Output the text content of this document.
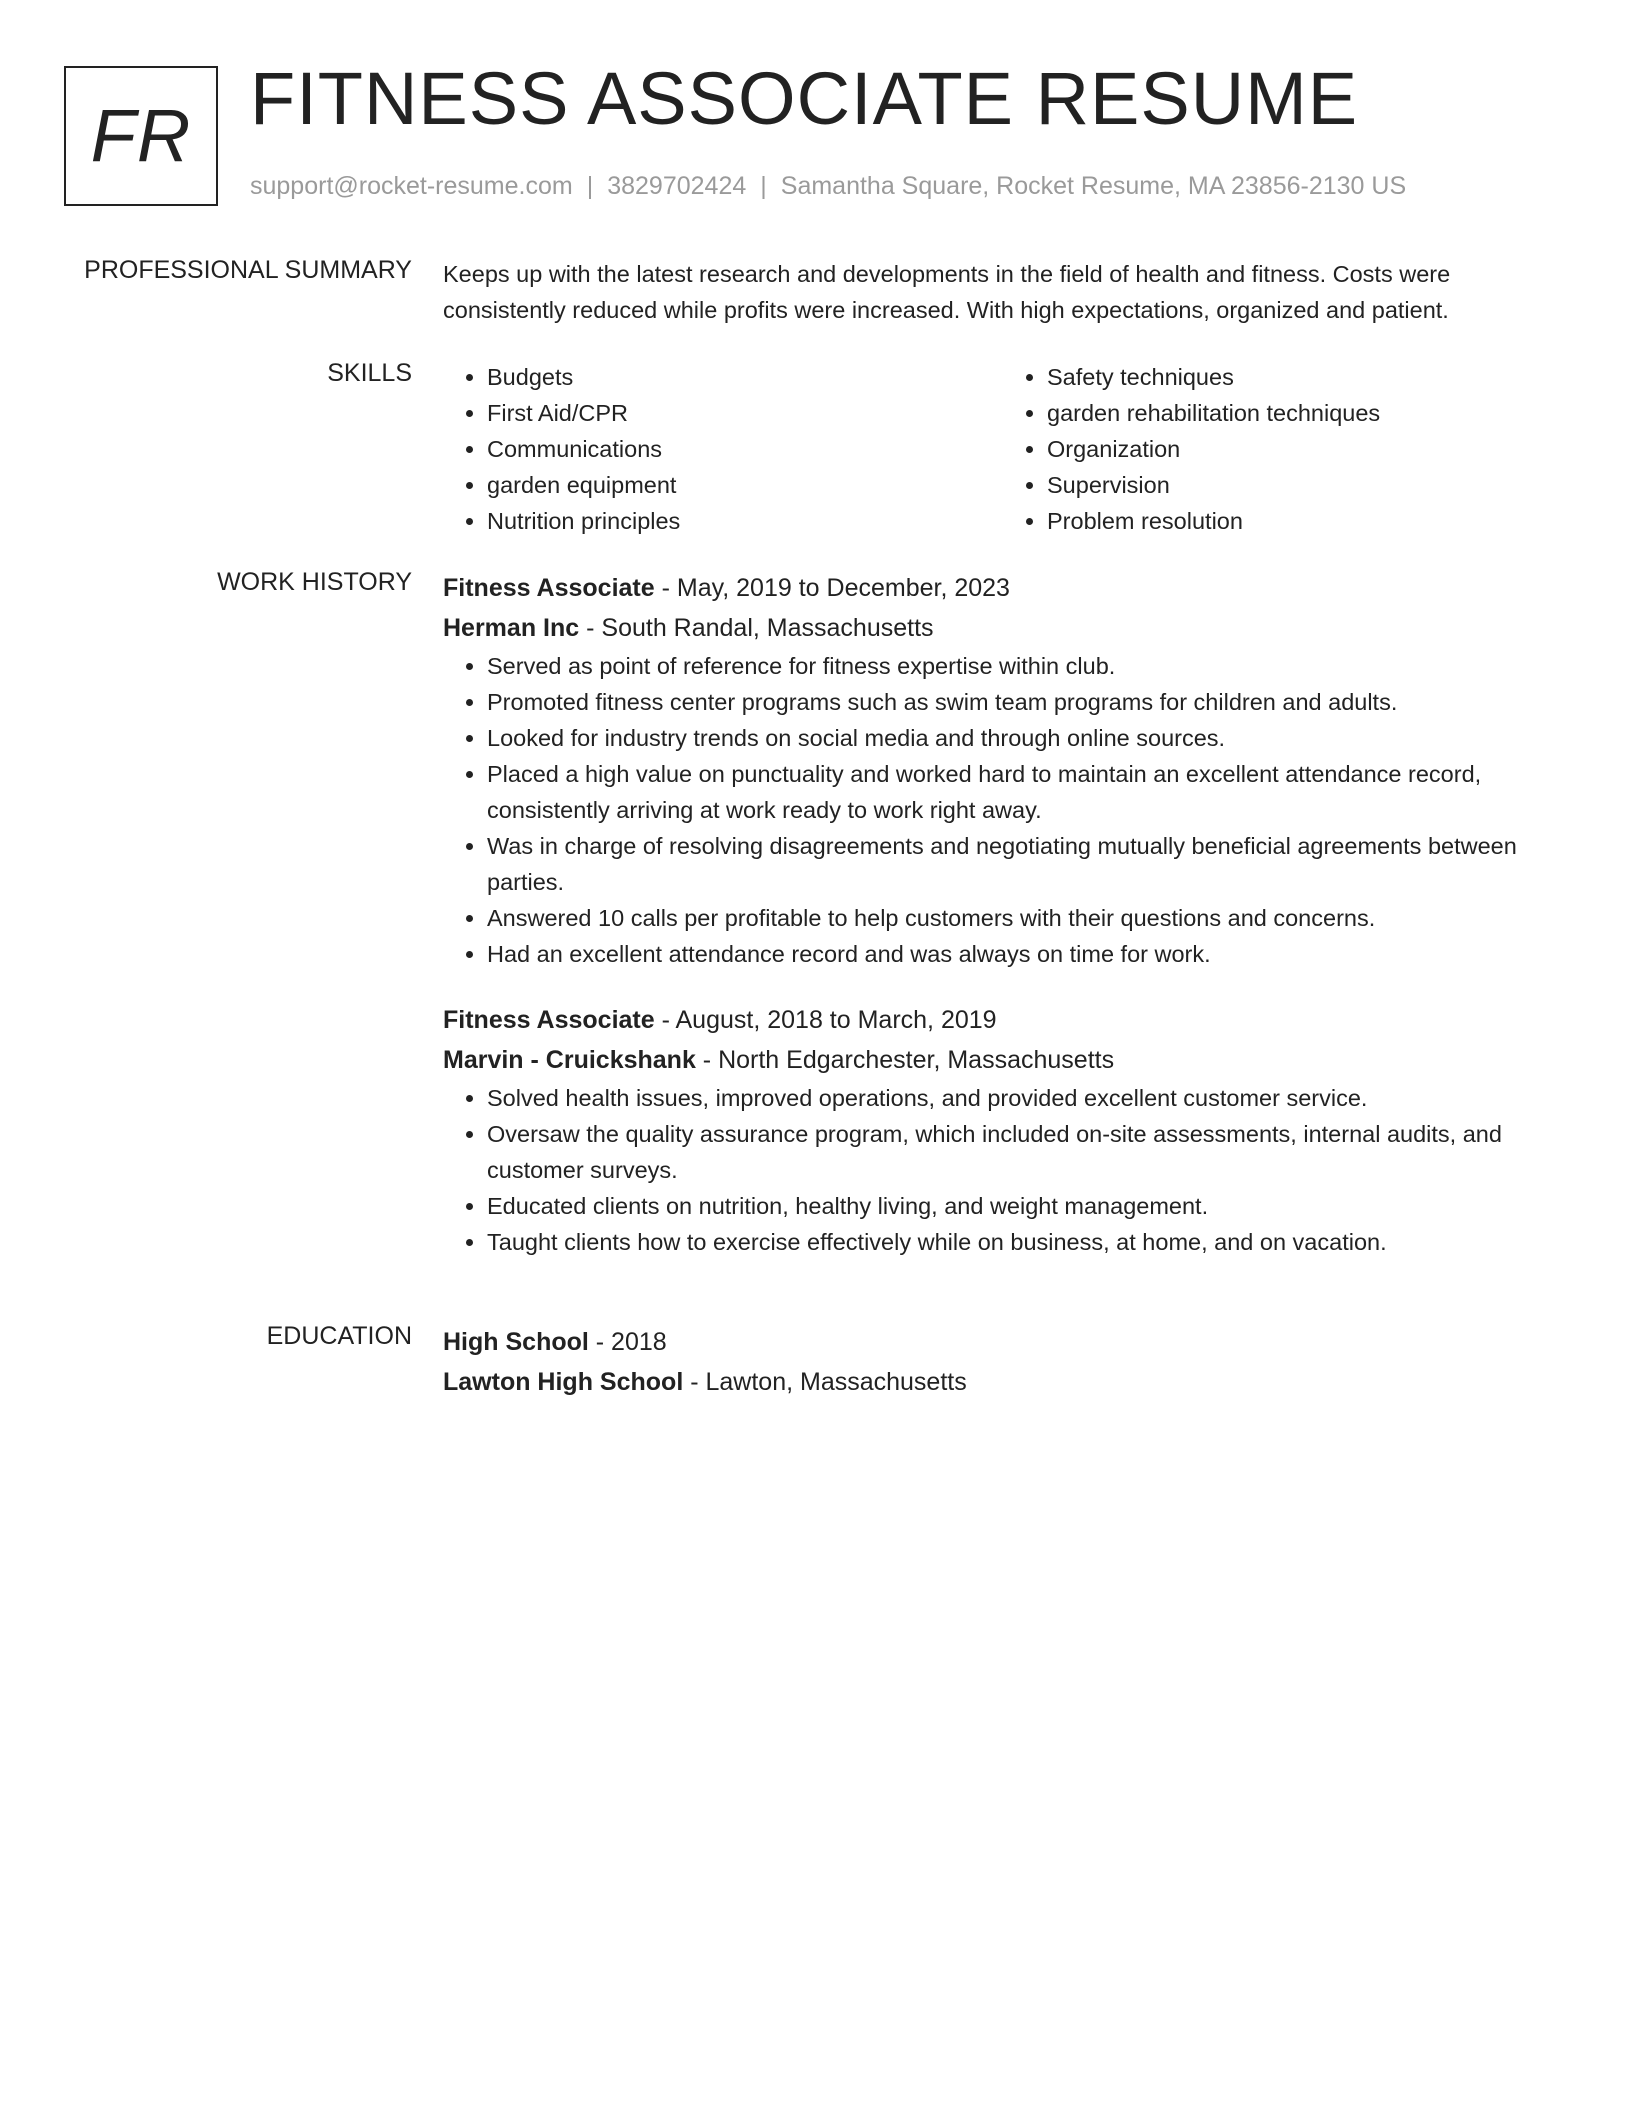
FR FITNESS ASSOCIATE RESUME
support@rocket-resume.com | 3829702424 | Samantha Square, Rocket Resume, MA 23856-2130 US
PROFESSIONAL SUMMARY Keeps up with the latest research and developments in the field of health and fitness. Costs were consistently reduced while profits were increased. With high expectations, organized and patient.

SKILLS
•	Budgets
• First Aid/CPR
• Communications
• garden equipment
• Nutrition principles
• Safety techniques
• garden rehabilitation techniques
• Organization
• Supervision
• Problem resolution
WORK HISTORY Fitness Associate - May, 2019 to December, 2023
Herman Inc - South Randal, Massachusetts
• Served as point of reference for fitness expertise within club.
• Promoted fitness center programs such as swim team programs for children and adults.
• Looked for industry trends on social media and through online sources.
• Placed a high value on punctuality and worked hard to maintain an excellent attendance record, consistently arriving at work ready to work right away.
• Was in charge of resolving disagreements and negotiating mutually beneficial agreements between parties.
• Answered 10 calls per profitable to help customers with their questions and concerns.
• Had an excellent attendance record and was always on time for work.
Fitness Associate - August, 2018 to March, 2019
Marvin - Cruickshank - North Edgarchester, Massachusetts
• Solved health issues, improved operations, and provided excellent customer service.
• Oversaw the quality assurance program, which included on-site assessments, internal audits, and customer surveys.
• Educated clients on nutrition, healthy living, and weight management.
• Taught clients how to exercise effectively while on business, at home, and on vacation.
EDUCATION High School - 2018
Lawton High School - Lawton, Massachusetts
